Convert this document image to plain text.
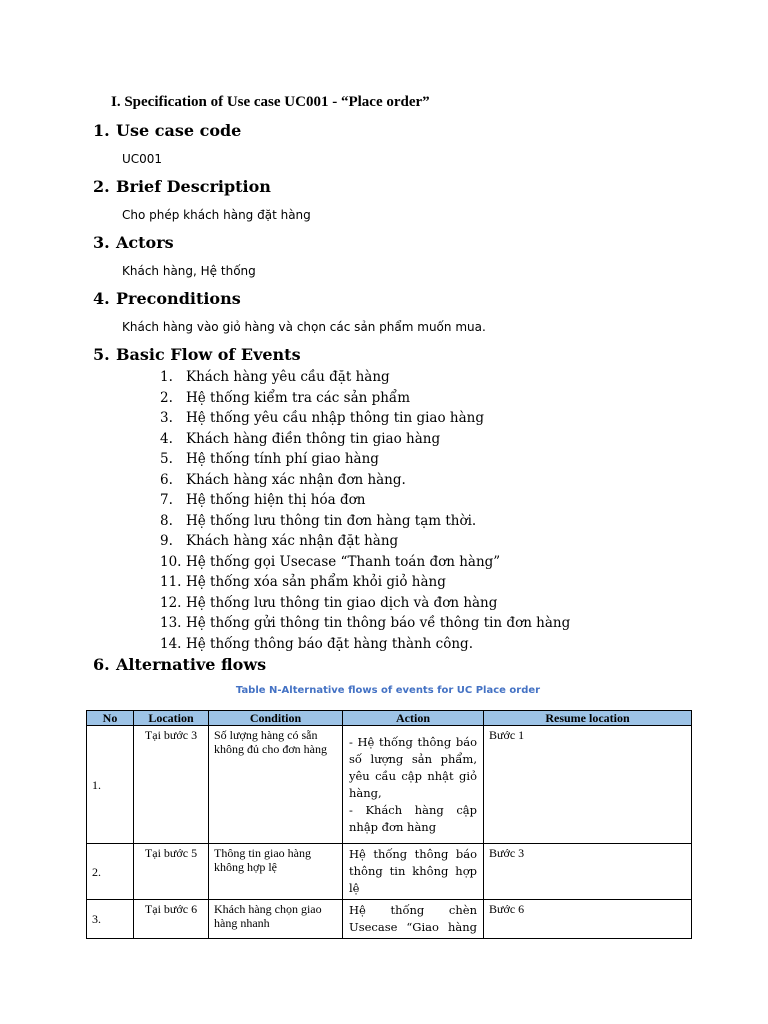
I. Specification of Use case UC001 - “Place order”
1. Use case code

UC001

2. Brief Description

Cho phép khách hàng đặt hàng

3. Actors

Khách hàng, Hệ thống

4. Preconditions

Khách hàng vào giỏ hàng và chọn các sản phẩm muốn mua.

5. Basic Flow of Events
1. Khách hàng yêu cầu đặt hàng
2. Hệ thống kiểm tra các sản phẩm
3. Hệ thống yêu cầu nhập thông tin giao hàng
4. Khách hàng điền thông tin giao hàng
5. Hệ thống tính phí giao hàng
6. Khách hàng xác nhận đơn hàng.
7. Hệ thống hiện thị hóa đơn
8. Hệ thống lưu thông tin đơn hàng tạm thời.
9. Khách hàng xác nhận đặt hàng
10. Hệ thống gọi Usecase “Thanh toán đơn hàng”
11. Hệ thống xóa sản phẩm khỏi giỏ hàng
12. Hệ thống lưu thông tin giao dịch và đơn hàng
13. Hệ thống gửi thông tin thông báo về thông tin đơn hàng
14. Hệ thống thông báo đặt hàng thành công.
6. Alternative flows

Table N-Alternative flows of events for UC Place order

No	Location	Condition	Action	Resume location
1.	Tại bước 3	Số lượng hàng có sẵn không đủ cho đơn hàng	- Hệ thống thông báo số lượng sản phẩm, yêu cầu cập nhật giỏ hàng,
- Khách hàng cập nhập đơn hàng	Bước 1
2.	Tại bước 5	Thông tin giao hàng không hợp lệ	Hệ thống thông báo thông tin không hợp lệ	Bước 3
3.	Tại bước 6	Khách hàng chọn giao hàng nhanh	Hệ thống chèn Usecase “Giao hàng	Bước 6
